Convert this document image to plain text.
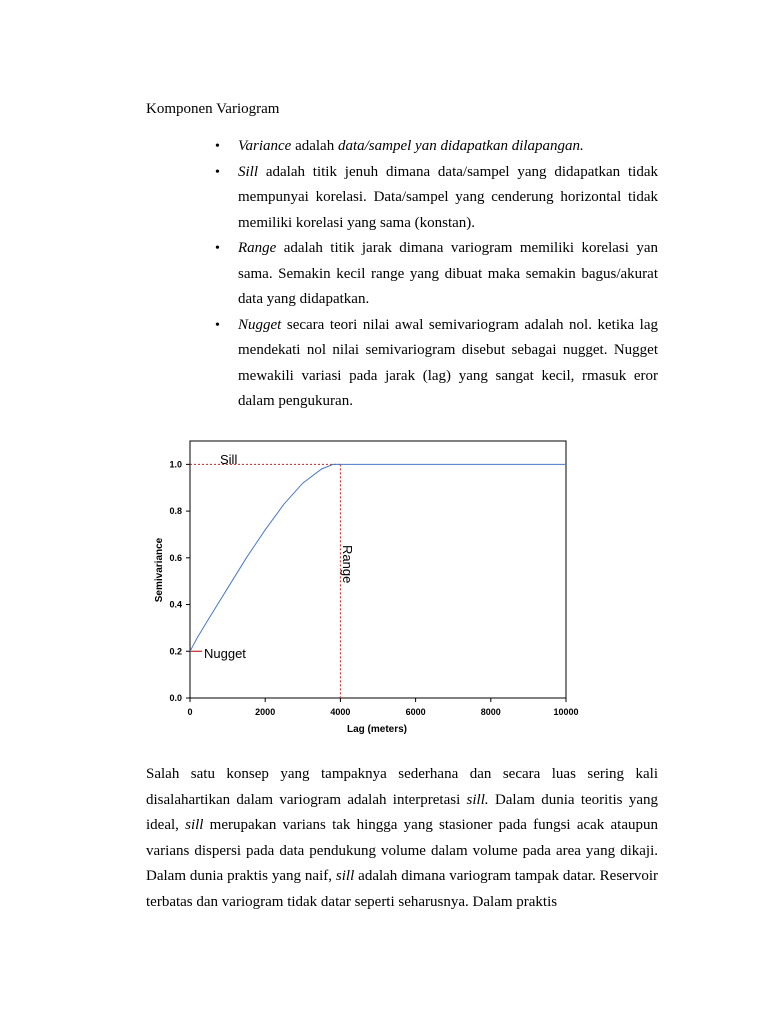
Komponen Variogram
• Variance adalah data/sampel yan didapatkan dilapangan.
• Sill adalah titik jenuh dimana data/sampel yang didapatkan tidak mempunyai korelasi. Data/sampel yang cenderung horizontal tidak memiliki korelasi yang sama (konstan).
• Range adalah titik jarak dimana variogram memiliki korelasi yan sama. Semakin kecil range yang dibuat maka semakin bagus/akurat data yang didapatkan.
• Nugget secara teori nilai awal semivariogram adalah nol. ketika lag mendekati nol nilai semivariogram disebut sebagai nugget. Nugget mewakili variasi pada jarak (lag) yang sangat kecil, rmasuk eror dalam pengukuran.
0	2000	4000	6000	8000	10000
0.0
0.2
0.4
0.6
0.8
1.0
Lag (meters)
Semivariance
Sill
Nugget
Range

Salah satu konsep yang tampaknya sederhana dan secara luas sering kali disalahartikan dalam variogram adalah interpretasi sill. Dalam dunia teoritis yang ideal, sill merupakan varians tak hingga yang stasioner pada fungsi acak ataupun varians dispersi pada data pendukung volume dalam volume pada area yang dikaji. Dalam dunia praktis yang naif, sill adalah dimana variogram tampak datar. Reservoir terbatas dan variogram tidak datar seperti seharusnya. Dalam praktis
